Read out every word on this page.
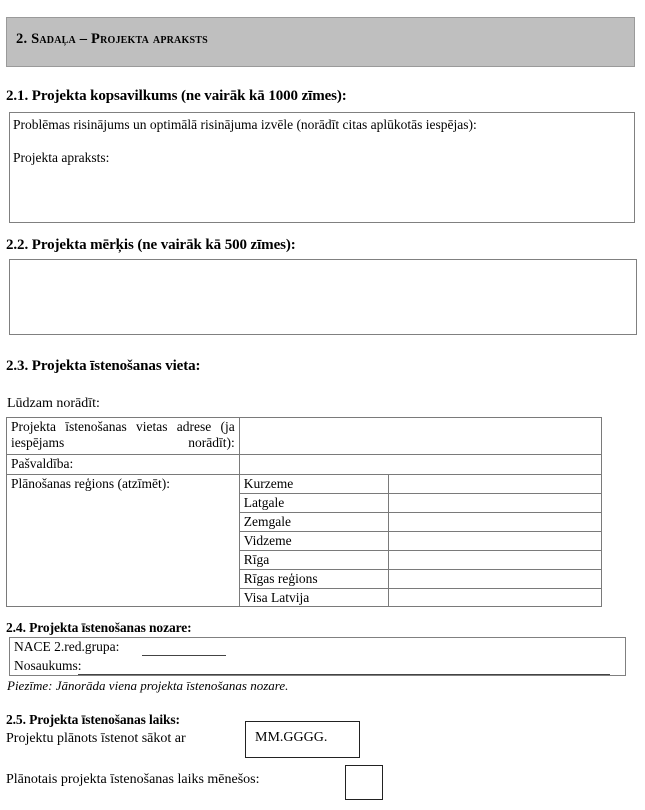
2. Sadaļa – Projekta apraksts
2.1. Projekta kopsavilkums (ne vairāk kā 1000 zīmes):
Problēmas risinājums un optimālā risinājuma izvēle (norādīt citas aplūkotās iespējas):
Projekta apraksts:
2.2. Projekta mērķis (ne vairāk kā 500 zīmes):
2.3. Projekta īstenošanas vieta:
Lūdzam norādīt:
Projekta īstenošanas vietas adrese (ja iespējams norādīt):		
Pašvaldība:		
Plānošanas reģions (atzīmēt):	Kurzeme	
	Latgale	
	Zemgale	
	Vidzeme	
	Rīga	
	Rīgas reģions	
	Visa Latvija	
2.4. Projekta īstenošanas nozare:
NACE 2.red.grupa:
Nosaukums:
Piezīme: Jānorāda viena projekta īstenošanas nozare.
2.5. Projekta īstenošanas laiks:
Projektu plānots īstenot sākot ar	MM.GGGG.
Plānotais projekta īstenošanas laiks mēnešos:
